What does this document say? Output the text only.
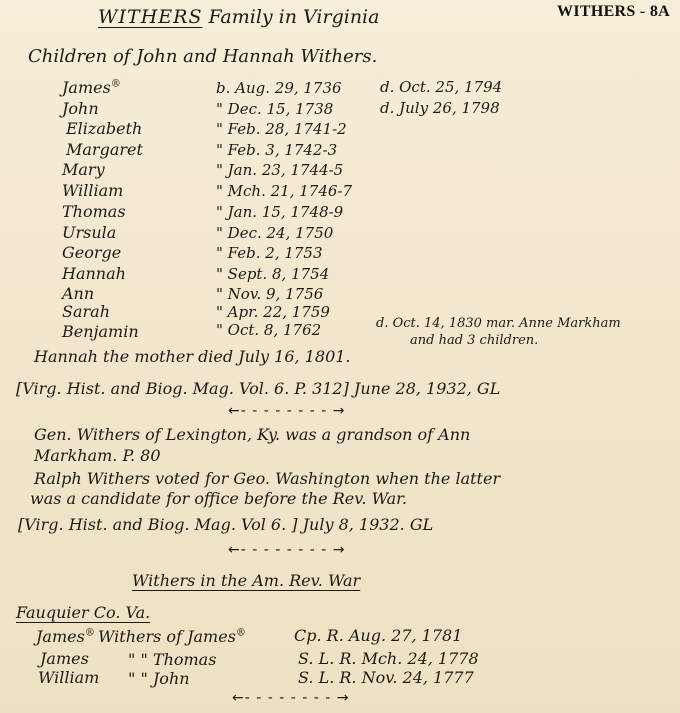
WITHERS - 8A
WITHERS Family in Virginia
Children of John and Hannah Withers.
James®	b. Aug. 29, 1736	d. Oct. 25, 1794
John	" Dec. 15, 1738	d. July 26, 1798
Elizabeth	" Feb. 28, 1741-2
Margaret	" Feb. 3, 1742-3
Mary	" Jan. 23, 1744-5
William	" Mch. 21, 1746-7
Thomas	" Jan. 15, 1748-9
Ursula	" Dec. 24, 1750
George	" Feb. 2, 1753
Hannah	" Sept. 8, 1754
Ann	" Nov. 9, 1756
Sarah	" Apr. 22, 1759
Benjamin	" Oct. 8, 1762	d. Oct. 14, 1830 mar. Anne Markham
and had 3 children.
Hannah the mother died July 16, 1801.
[Virg. Hist. and Biog. Mag. Vol. 6. P. 312] June 28, 1932, GL
←- - - - - - - - →
Gen. Withers of Lexington, Ky. was a grandson of Ann
Markham. P. 80
Ralph Withers voted for Geo. Washington when the latter
was a candidate for office before the Rev. War.
[Virg. Hist. and Biog. Mag. Vol 6. ] July 8, 1932. GL
←- - - - - - - - →
Withers in the Am. Rev. War
Fauquier Co. Va.
James® Withers of James®	Cp. R. Aug. 27, 1781
James " " Thomas	S. L. R. Mch. 24, 1778
William " " John	S. L. R. Nov. 24, 1777
←- - - - - - - - →
